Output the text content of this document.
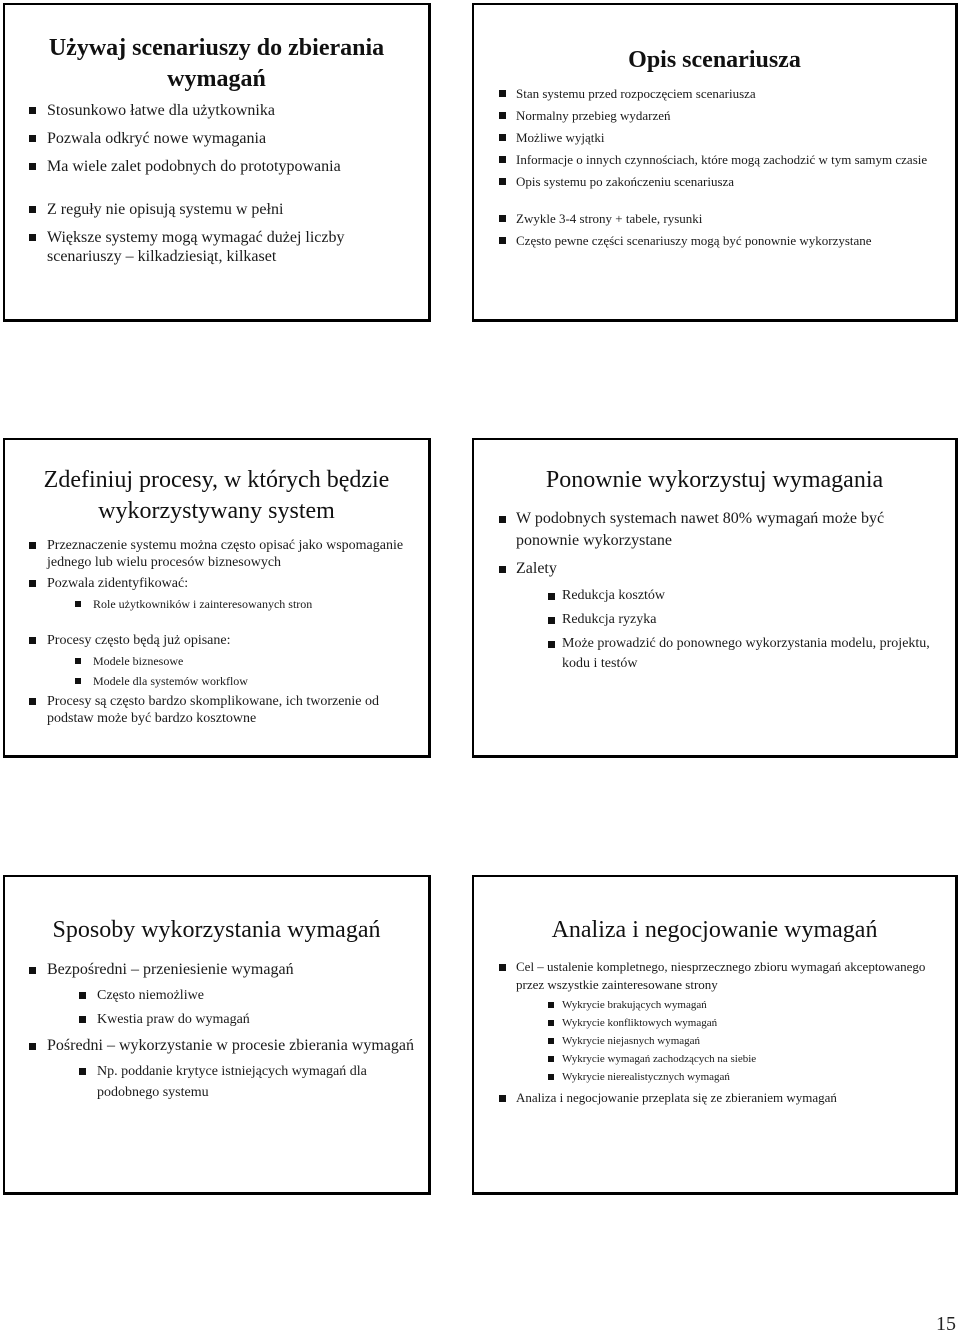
Używaj scenariuszy do zbierania wymagań
Stosunkowo łatwe dla użytkownika
Pozwala odkryć nowe wymagania
Ma wiele zalet podobnych do prototypowania
Z reguły nie opisują systemu w pełni
Większe systemy mogą wymagać dużej liczby scenariuszy – kilkadziesiąt, kilkaset
Opis scenariusza
Stan systemu przed rozpoczęciem scenariusza
Normalny przebieg wydarzeń
Możliwe wyjątki
Informacje o innych czynnościach, które mogą zachodzić w tym samym czasie
Opis systemu po zakończeniu scenariusza
Zwykle 3-4 strony + tabele, rysunki
Często pewne części scenariuszy mogą być ponownie wykorzystane
Zdefiniuj procesy, w których będzie wykorzystywany system
Przeznaczenie systemu można często opisać jako wspomaganie jednego lub wielu procesów biznesowych
Pozwala zidentyfikować:
Role użytkowników i zainteresowanych stron
Procesy często będą już opisane:
Modele biznesowe
Modele dla systemów workflow
Procesy są często bardzo skomplikowane, ich tworzenie od podstaw może być bardzo kosztowne
Ponownie wykorzystuj wymagania
W podobnych systemach nawet 80% wymagań może być ponownie wykorzystane
Zalety
Redukcja kosztów
Redukcja ryzyka
Może prowadzić do ponownego wykorzystania modelu, projektu, kodu i testów
Sposoby wykorzystania wymagań
Bezpośredni – przeniesienie wymagań
Często niemożliwe
Kwestia praw do wymagań
Pośredni – wykorzystanie w procesie zbierania wymagań
Np. poddanie krytyce istniejących wymagań dla podobnego systemu
Analiza i negocjowanie wymagań
Cel – ustalenie kompletnego, niesprzecznego zbioru wymagań akceptowanego przez wszystkie zainteresowane strony
Wykrycie brakujących wymagań
Wykrycie konfliktowych wymagań
Wykrycie niejasnych wymagań
Wykrycie wymagań zachodzących na siebie
Wykrycie nierealistycznych wymagań
Analiza i negocjowanie przeplata się ze zbieraniem wymagań
15
